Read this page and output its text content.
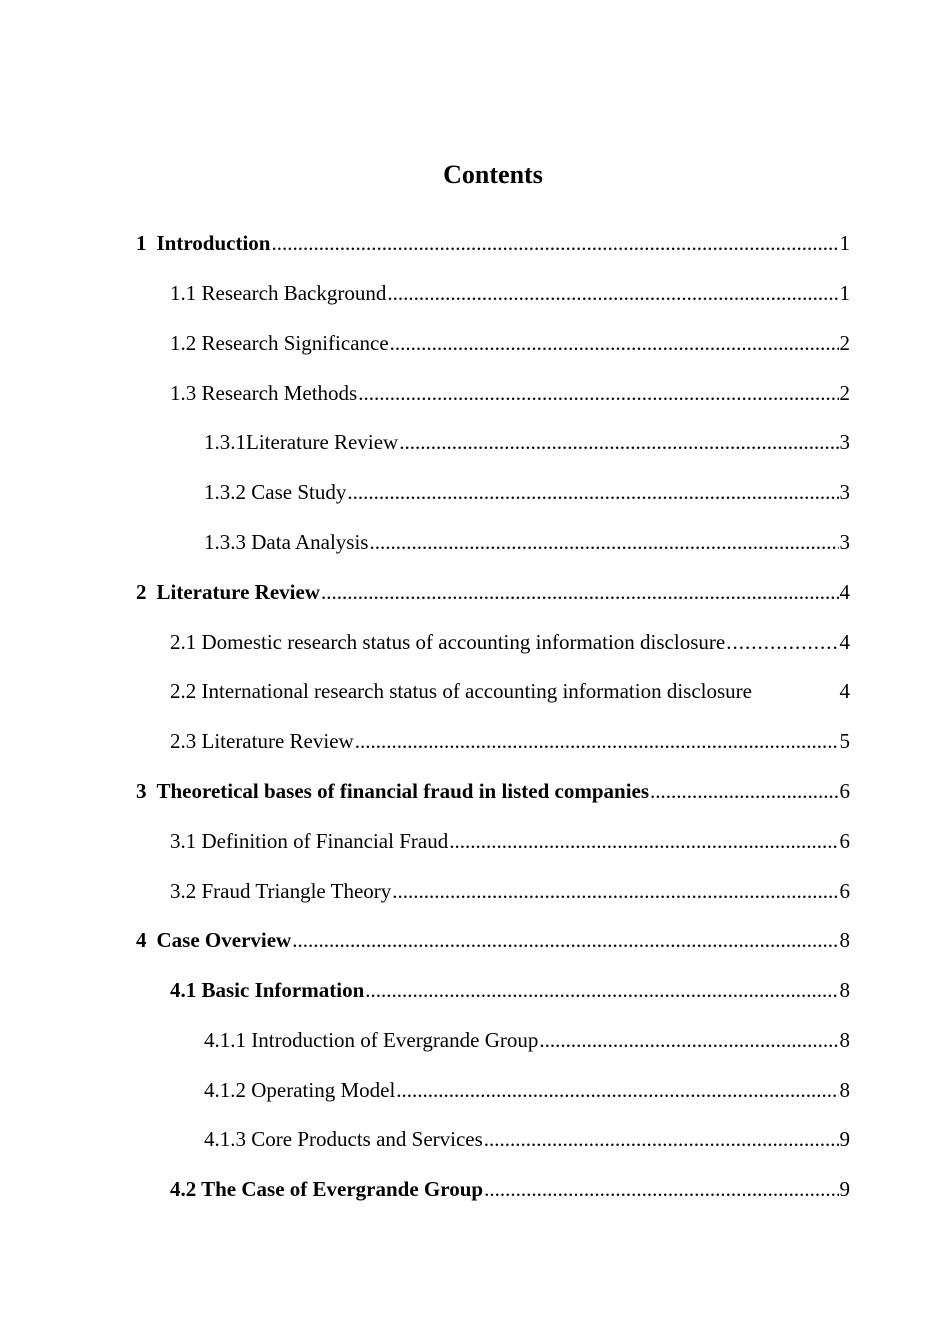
Contents
1 Introduction .....	1
1.1 Research Background .....	1
1.2 Research Significance .....	2
1.3 Research Methods .....	2
1.3.1Literature Review .....	3
1.3.2 Case Study .....	3
1.3.3 Data Analysis .....	3
2 Literature Review .....	4
2.1 Domestic research status of accounting information disclosure .....	4
2.2 International research status of accounting information disclosure	4
2.3 Literature Review .....	5
3 Theoretical bases of financial fraud in listed companies .....	6
3.1 Definition of Financial Fraud .....	6
3.2 Fraud Triangle Theory .....	6
4 Case Overview .....	8
4.1 Basic Information .....	8
4.1.1 Introduction of Evergrande Group .....	8
4.1.2 Operating Model .....	8
4.1.3 Core Products and Services .....	9
4.2 The Case of Evergrande Group .....	9
